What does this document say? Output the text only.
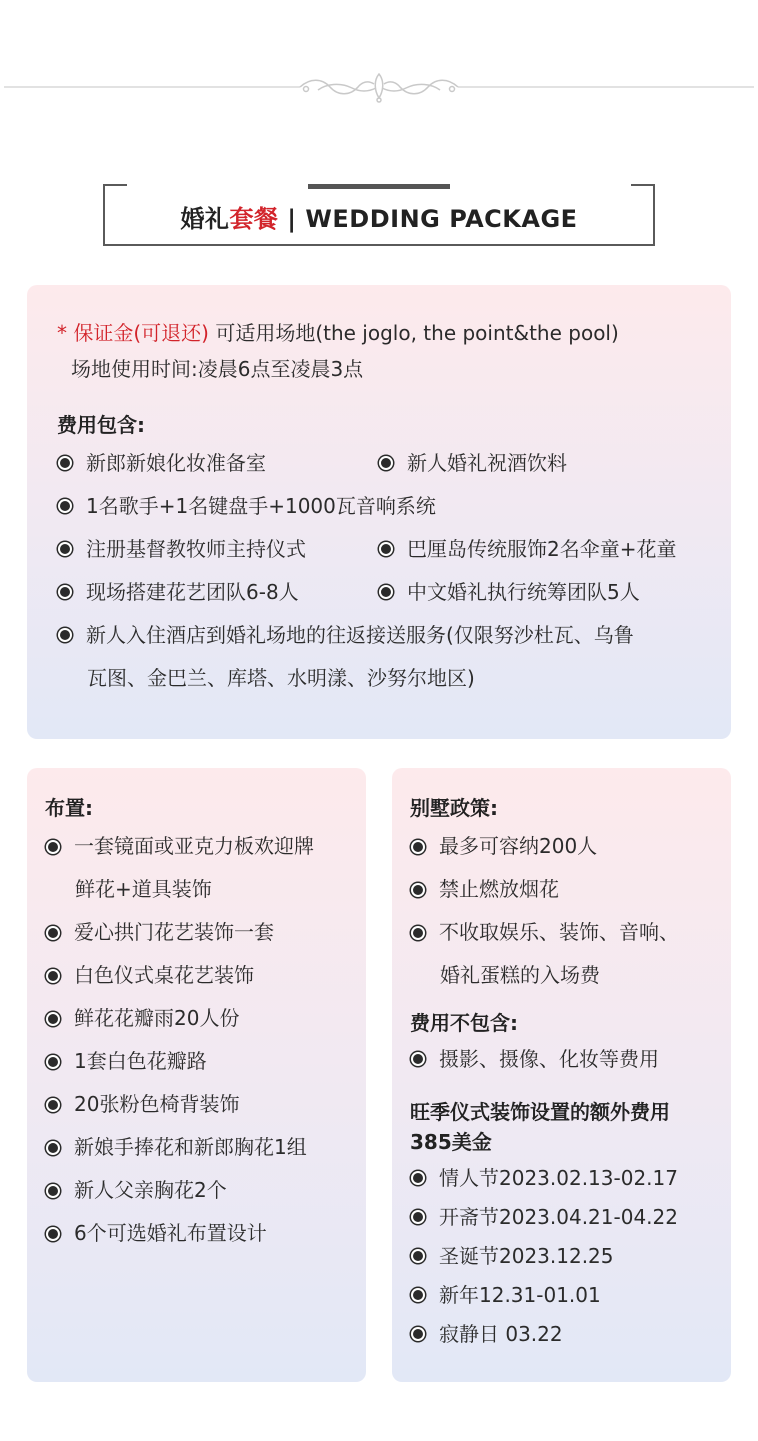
婚礼套餐 | WEDDING PACKAGE
* 保证金(可退还) 可适用场地(the joglo, the point&the pool)
场地使用时间:凌晨6点至凌晨3点
费用包含:
新郎新娘化妆准备室	新人婚礼祝酒饮料
1名歌手+1名键盘手+1000瓦音响系统
注册基督教牧师主持仪式	巴厘岛传统服饰2名伞童+花童
现场搭建花艺团队6-8人	中文婚礼执行统筹团队5人
新人入住酒店到婚礼场地的往返接送服务(仅限努沙杜瓦、乌鲁
瓦图、金巴兰、库塔、水明漾、沙努尔地区)
布置:
一套镜面或亚克力板欢迎牌
鲜花+道具装饰
爱心拱门花艺装饰一套
白色仪式桌花艺装饰
鲜花花瓣雨20人份
1套白色花瓣路
20张粉色椅背装饰
新娘手捧花和新郎胸花1组
新人父亲胸花2个
6个可选婚礼布置设计
别墅政策:
最多可容纳200人
禁止燃放烟花
不收取娱乐、装饰、音响、
婚礼蛋糕的入场费
费用不包含:
摄影、摄像、化妆等费用
旺季仪式装饰设置的额外费用
385美金
情人节2023.02.13-02.17
开斋节2023.04.21-04.22
圣诞节2023.12.25
新年12.31-01.01
寂静日 03.22
